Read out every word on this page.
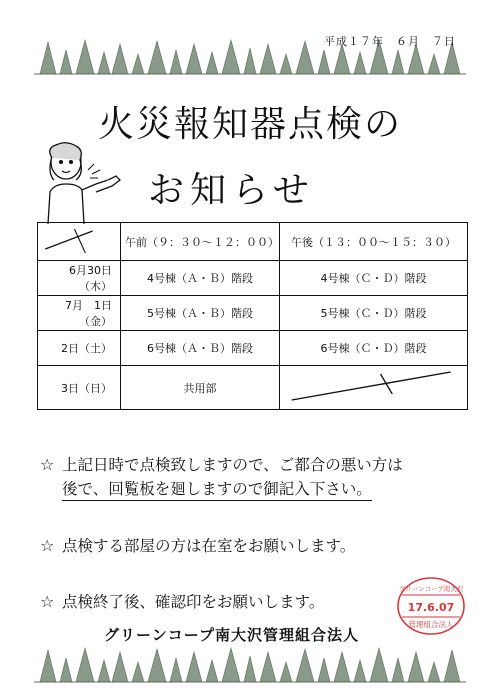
平成１７年　６月　７日
火災報知器点検の
お知らせ
	午前（９：３０～１２：００）	午後（１３：００～１５：３０）
6月30日（木）	4号棟（Ａ・Ｂ）階段	4号棟（Ｃ・Ｄ）階段
7月　1日（金）	5号棟（Ａ・Ｂ）階段	5号棟（Ｃ・Ｄ）階段
2日（土）	6号棟（Ａ・Ｂ）階段	6号棟（Ｃ・Ｄ）階段
3日（日）	共用部	
☆ 上記日時で点検致しますので、ご都合の悪い方は
後で、回覧板を廻しますので御記入下さい。
☆ 点検する部屋の方は在室をお願いします。
☆ 点検終了後、確認印をお願いします。
グリーンコープ南大沢
17.6.07
管理組合法人
グリーンコープ南大沢管理組合法人
